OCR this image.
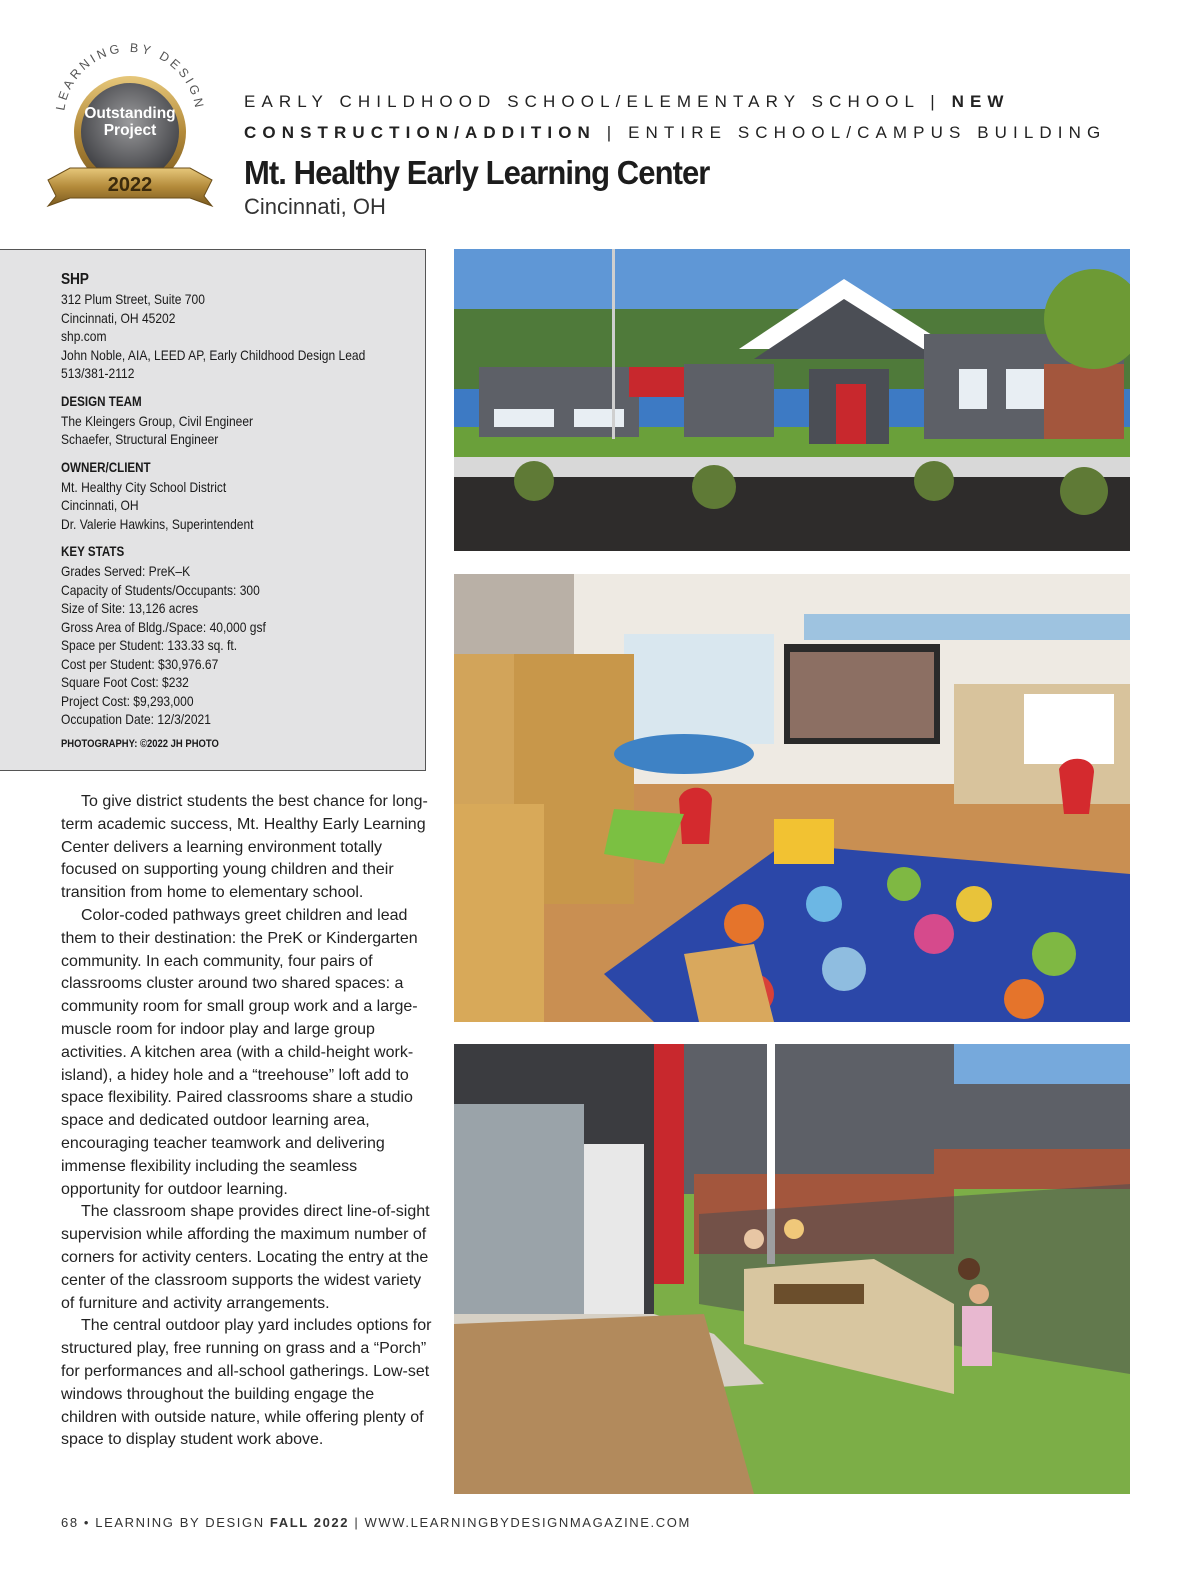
LEARNING BY DESIGN
Outstanding
Project
2022
EARLY CHILDHOOD SCHOOL/ELEMENTARY SCHOOL | NEW
CONSTRUCTION/ADDITION | ENTIRE SCHOOL/CAMPUS BUILDING
Mt. Healthy Early Learning Center
Cincinnati, OH
SHP
312 Plum Street, Suite 700
Cincinnati, OH 45202
shp.com
John Noble, AIA, LEED AP, Early Childhood Design Lead
513/381-2112
DESIGN TEAM
The Kleingers Group, Civil Engineer
Schaefer, Structural Engineer
OWNER/CLIENT
Mt. Healthy City School District
Cincinnati, OH
Dr. Valerie Hawkins, Superintendent
KEY STATS
Grades Served: PreK–K
Capacity of Students/Occupants: 300
Size of Site: 13,126 acres
Gross Area of Bldg./Space: 40,000 gsf
Space per Student: 133.33 sq. ft.
Cost per Student: $30,976.67
Square Foot Cost: $232
Project Cost: $9,293,000
Occupation Date: 12/3/2021
PHOTOGRAPHY: ©2022 JH PHOTO

To give district students the best chance for long-term academic success, Mt. Healthy Early Learning Center delivers a learning environment totally focused on supporting young children and their transition from home to elementary school.

Color-coded pathways greet children and lead them to their destination: the PreK or Kindergarten community. In each community, four pairs of classrooms cluster around two shared spaces: a community room for small group work and a large-muscle room for indoor play and large group activities. A kitchen area (with a child-height work-island), a hidey hole and a “treehouse” loft add to space flexibility. Paired classrooms share a studio space and dedicated outdoor learning area, encouraging teacher teamwork and delivering immense flexibility including the seamless opportunity for outdoor learning.

The classroom shape provides direct line-of-sight supervision while affording the maximum number of corners for activity centers. Locating the entry at the center of the classroom supports the widest variety of furniture and activity arrangements.

The central outdoor play yard includes options for structured play, free running on grass and a “Porch” for performances and all-school gatherings. Low-set windows throughout the building engage the children with outside nature, while offering plenty of space to display student work above.

68 • LEARNING BY DESIGN FALL 2022 | WWW.LEARNINGBYDESIGNMAGAZINE.COM
